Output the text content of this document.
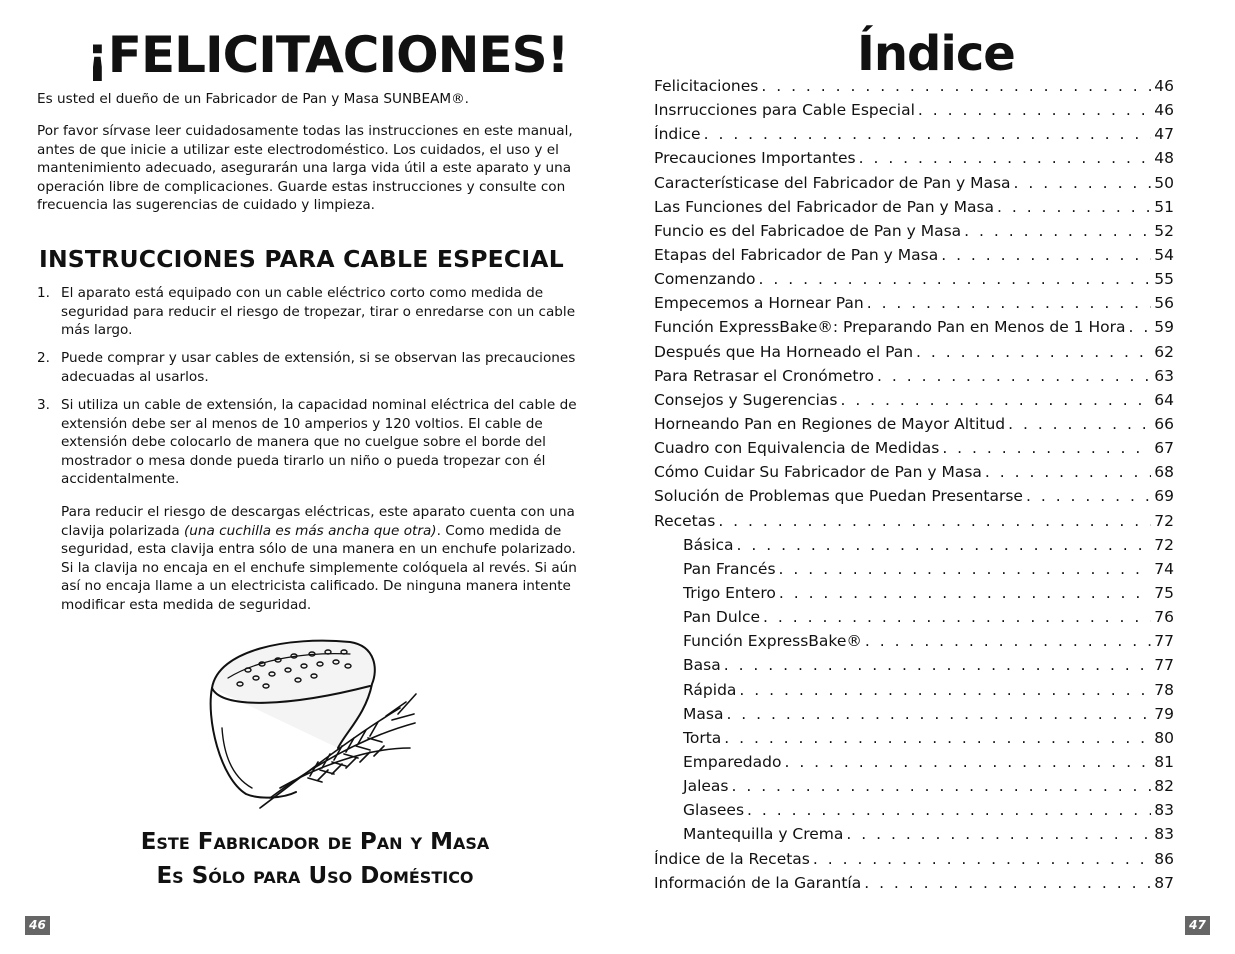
¡FELICITACIONES!

Es usted el dueño de un Fabricador de Pan y Masa SUNBEAM®.

Por favor sírvase leer cuidadosamente todas las instrucciones en este manual, antes de que inicie a utilizar este electrodoméstico. Los cuidados, el uso y el mantenimiento adecuado, asegurarán una larga vida útil a este aparato y una operación libre de complicaciones. Guarde estas instrucciones y consulte con frecuencia las sugerencias de cuidado y limpieza.

INSTRUCCIONES PARA CABLE ESPECIAL
1. El aparato está equipado con un cable eléctrico corto como medida de seguridad para reducir el riesgo de tropezar, tirar o enredarse con un cable más largo.
2. Puede comprar y usar cables de extensión, si se observan las precauciones adecuadas al usarlos.
3. Si utiliza un cable de extensión, la capacidad nominal eléctrica del cable de extensión debe ser al menos de 10 amperios y 120 voltios. El cable de extensión debe colocarlo de manera que no cuelgue sobre el borde del mostrador o mesa donde pueda tirarlo un niño o pueda tropezar con él accidentalmente.

Para reducir el riesgo de descargas eléctricas, este aparato cuenta con una clavija polarizada (una cuchilla es más ancha que otra). Como medida de seguridad, esta clavija entra sólo de una manera en un enchufe polarizado. Si la clavija no encaja en el enchufe simplemente colóquela al revés. Si aún así no encaja llame a un electricista calificado. De ninguna manera intente modificar esta medida de seguridad.

Este Fabricador de Pan y Masa

Es Sólo para Uso Doméstico

46
Índice
Felicitaciones . . .	46
Insrrucciones para Cable Especial . . .	46
Índice . . .	47
Precauciones Importantes . . .	48
Característicase del Fabricador de Pan y Masa . . .	50
Las Funciones del Fabricador de Pan y Masa . . .	51
Funcio es del Fabricadoe de Pan y Masa . . .	52
Etapas del Fabricador de Pan y Masa . . .	54
Comenzando . . .	55
Empecemos a Hornear Pan . . .	56
Función ExpressBake®: Preparando Pan en Menos de 1 Hora . . . 59
Después que Ha Horneado el Pan . . .	62
Para Retrasar el Cronómetro . . .	63
Consejos y Sugerencias . . .	64
Horneando Pan en Regiones de Mayor Altitud . . .	66
Cuadro con Equivalencia de Medidas . . .	67
Cómo Cuidar Su Fabricador de Pan y Masa . . .	68
Solución de Problemas que Puedan Presentarse . . .	69
Recetas . . .	72
Básica . . .	72
Pan Francés . . .	74
Trigo Entero . . .	75
Pan Dulce . . .	76
Función ExpressBake® . . .	77
Basa . . .	77
Rápida . . .	78
Masa . . .	79
Torta . . .	80
Emparedado . . .	81
Jaleas . . .	82
Glasees . . .	83
Mantequilla y Crema . . .	83
Índice de la Recetas . . .	86
Información de la Garantía . . .	87
47
